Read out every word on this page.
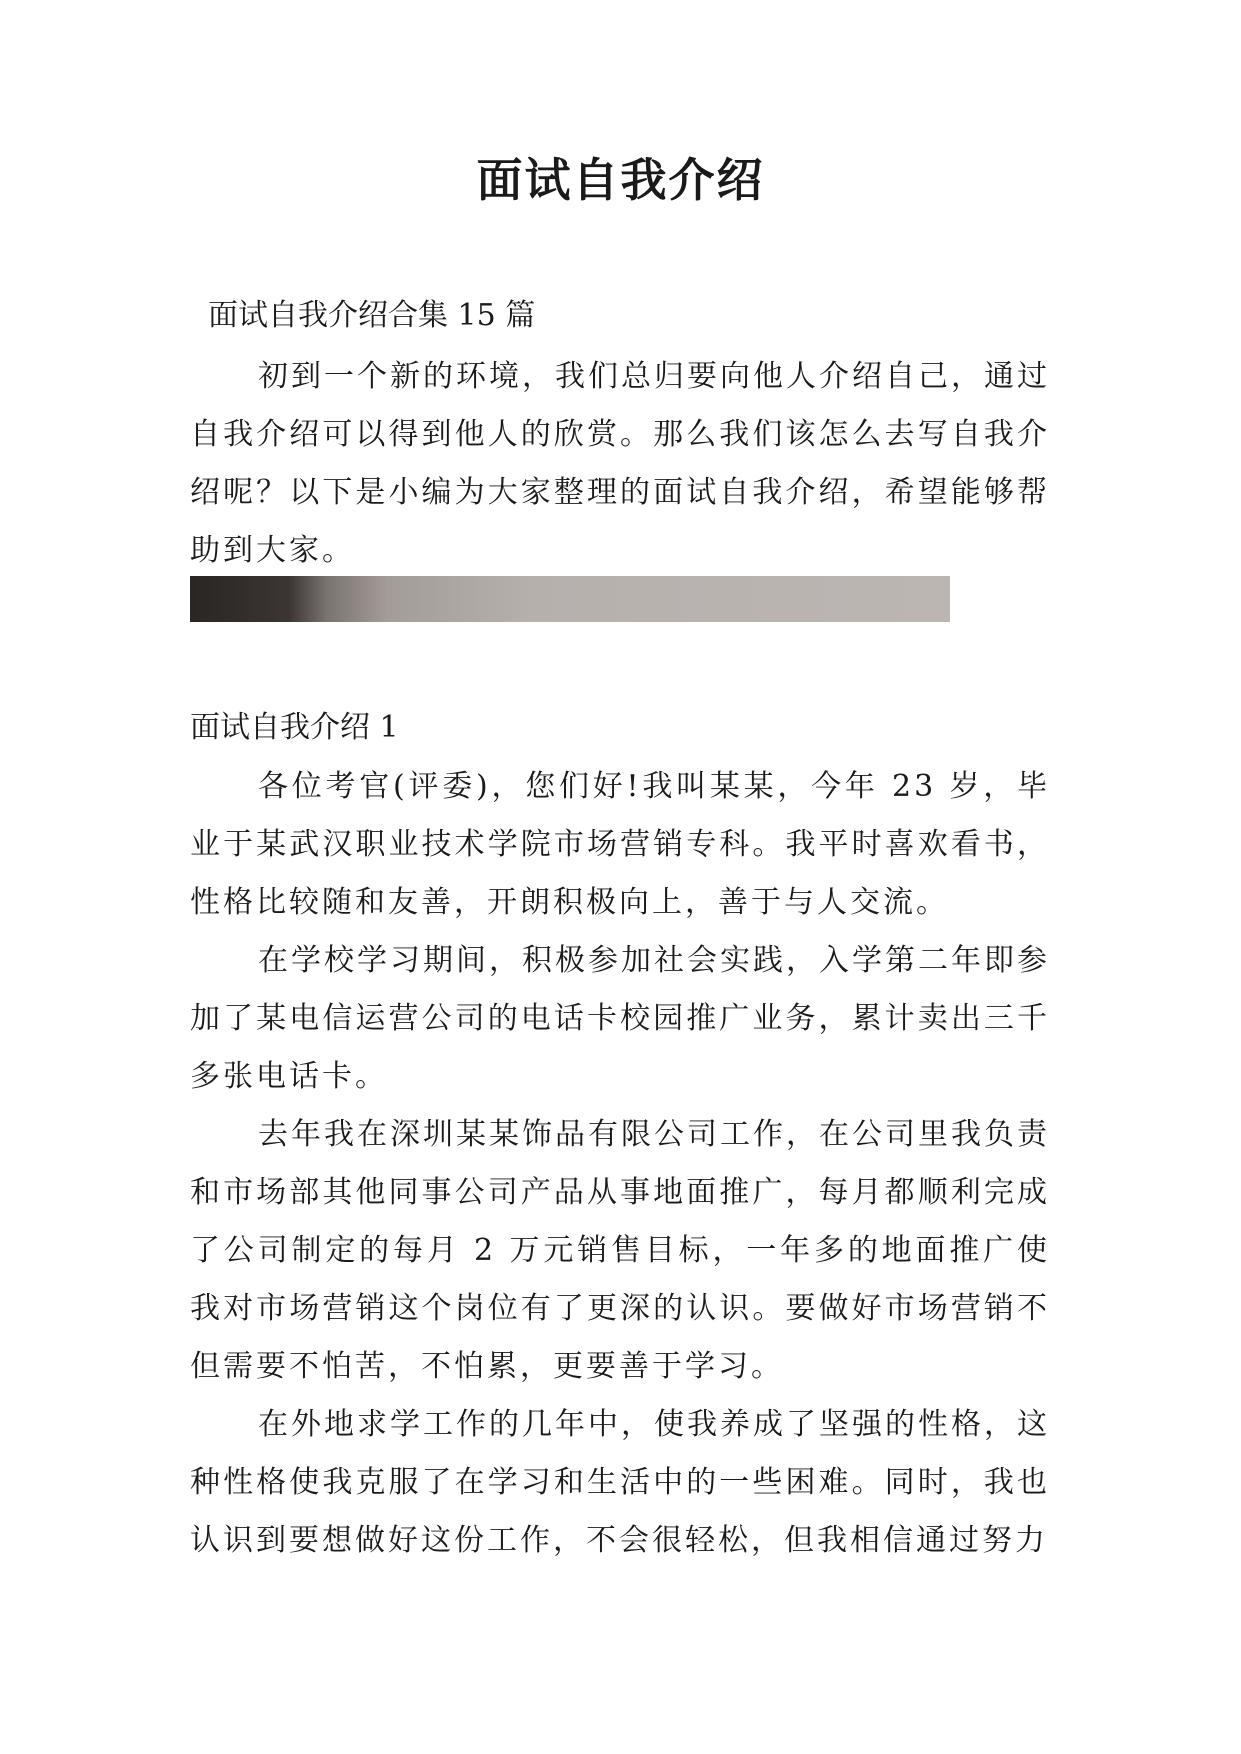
面试自我介绍

面试自我介绍合集 15 篇

初到一个新的环境，我们总归要向他人介绍自己，通过自我介绍可以得到他人的欣赏。那么我们该怎么去写自我介绍呢？以下是小编为大家整理的面试自我介绍，希望能够帮助到大家。

面试自我介绍 1

各位考官(评委)，您们好!我叫某某，今年 23 岁，毕业于某武汉职业技术学院市场营销专科。我平时喜欢看书，性格比较随和友善，开朗积极向上，善于与人交流。

在学校学习期间，积极参加社会实践，入学第二年即参加了某电信运营公司的电话卡校园推广业务，累计卖出三千多张电话卡。

去年我在深圳某某饰品有限公司工作，在公司里我负责和市场部其他同事公司产品从事地面推广，每月都顺利完成了公司制定的每月 2 万元销售目标，一年多的地面推广使我对市场营销这个岗位有了更深的认识。要做好市场营销不但需要不怕苦，不怕累，更要善于学习。

在外地求学工作的几年中，使我养成了坚强的性格，这种性格使我克服了在学习和生活中的一些困难。同时，我也认识到要想做好这份工作，不会很轻松，但我相信通过努力
